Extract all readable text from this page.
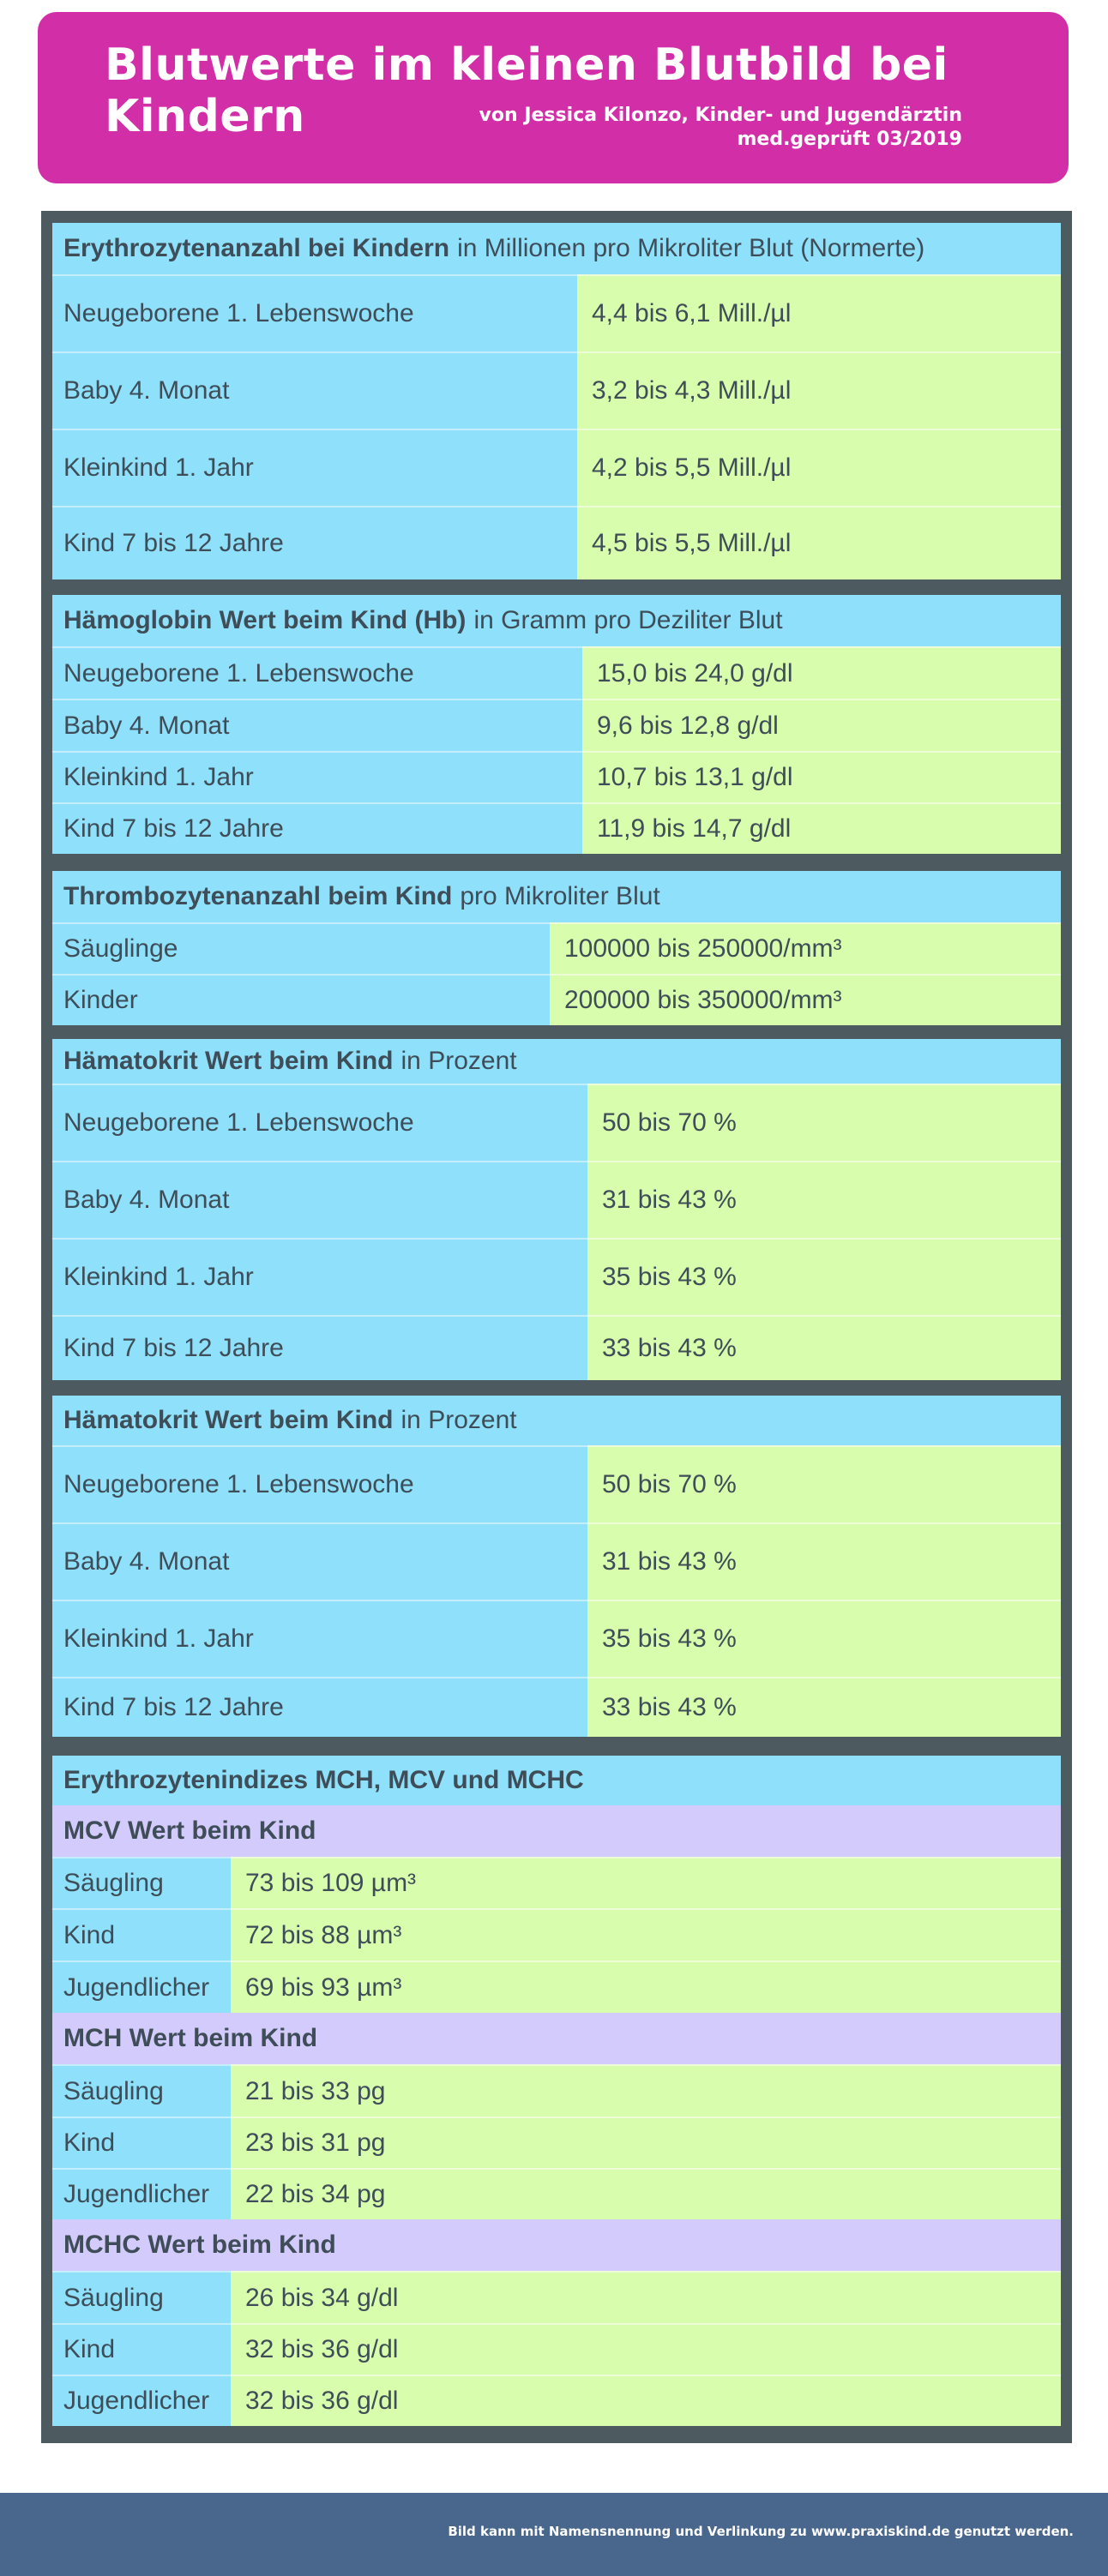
Blutwerte im kleinen Blutbild bei Kindern	von Jessica Kilonzo, Kinder- und Jugendärztin
med.geprüft 03/2019
Erythrozytenanzahl bei Kindern in Millionen pro Mikroliter Blut (Normerte)
Neugeborene 1. Lebenswoche	4,4 bis 6,1 Mill./µl
Baby 4. Monat	3,2 bis 4,3 Mill./µl
Kleinkind 1. Jahr	4,2 bis 5,5 Mill./µl
Kind 7 bis 12 Jahre	4,5 bis 5,5 Mill./µl
Hämoglobin Wert beim Kind (Hb) in Gramm pro Deziliter Blut
Neugeborene 1. Lebenswoche	15,0 bis 24,0 g/dl
Baby 4. Monat	9,6 bis 12,8 g/dl
Kleinkind 1. Jahr	10,7 bis 13,1 g/dl
Kind 7 bis 12 Jahre	11,9 bis 14,7 g/dl
Thrombozytenanzahl beim Kind pro Mikroliter Blut
Säuglinge	100000 bis 250000/mm³
Kinder	200000 bis 350000/mm³
Hämatokrit Wert beim Kind in Prozent
Neugeborene 1. Lebenswoche	50 bis 70 %
Baby 4. Monat	31 bis 43 %
Kleinkind 1. Jahr	35 bis 43 %
Kind 7 bis 12 Jahre	33 bis 43 %
Hämatokrit Wert beim Kind in Prozent
Neugeborene 1. Lebenswoche	50 bis 70 %
Baby 4. Monat	31 bis 43 %
Kleinkind 1. Jahr	35 bis 43 %
Kind 7 bis 12 Jahre	33 bis 43 %
Erythrozytenindizes MCH, MCV und MCHC
MCV Wert beim Kind
Säugling	73 bis 109 µm³
Kind	72 bis 88 µm³
Jugendlicher	69 bis 93 µm³
MCH Wert beim Kind
Säugling	21 bis 33 pg
Kind	23 bis 31 pg
Jugendlicher	22 bis 34 pg
MCHC Wert beim Kind
Säugling	26 bis 34 g/dl
Kind	32 bis 36 g/dl
Jugendlicher	32 bis 36 g/dl
Bild kann mit Namensnennung und Verlinkung zu www.praxiskind.de genutzt werden.
